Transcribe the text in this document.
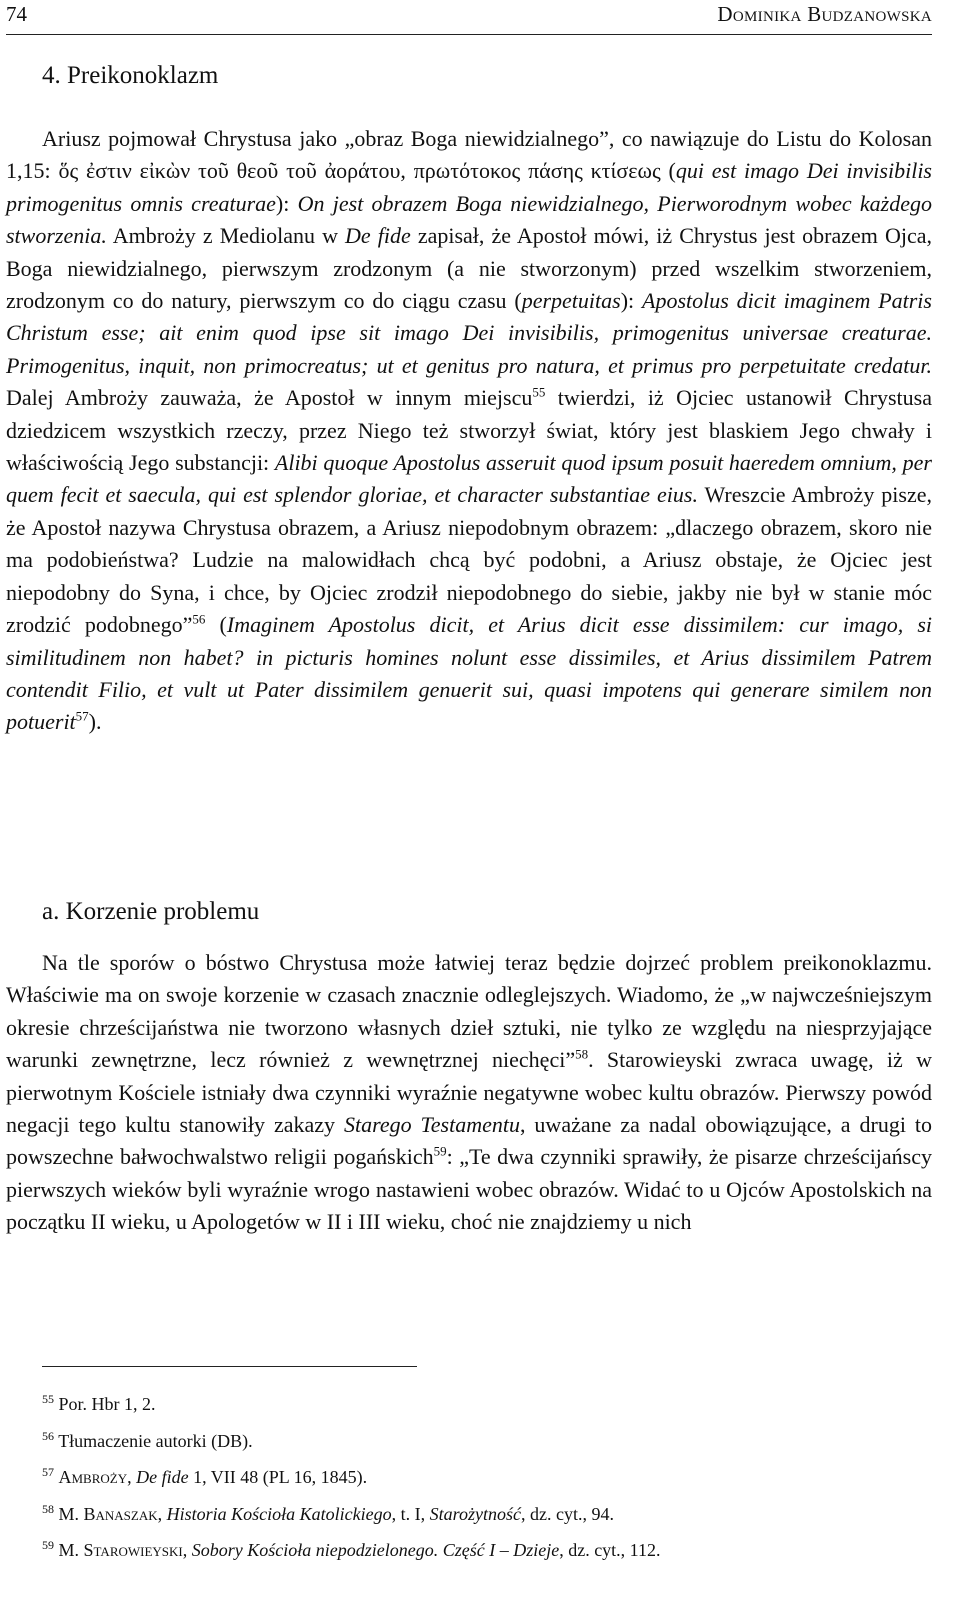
74	Dominika Budzanowska
4. Preikonoklazm
Ariusz pojmował Chrystusa jako „obraz Boga niewidzialnego”, co nawiązuje do Listu do Kolosan 1,15: ὅς ἐστιν εἰκὼν τοῦ θεοῦ τοῦ ἀοράτου, πρωτότοκος πάσης κτίσεως (qui est imago Dei invisibilis primogenitus omnis creaturae): On jest obrazem Boga niewidzialnego, Pierworodnym wobec każdego stworzenia. Ambroży z Mediolanu w De fide zapisał, że Apostoł mówi, iż Chrystus jest obrazem Ojca, Boga niewidzialnego, pierwszym zrodzonym (a nie stworzonym) przed wszelkim stworzeniem, zrodzonym co do natury, pierwszym co do ciągu czasu (perpetuitas): Apostolus dicit imaginem Patris Christum esse; ait enim quod ipse sit imago Dei invisibilis, primogenitus universae creaturae. Primogenitus, inquit, non primocreatus; ut et genitus pro natura, et primus pro perpetuitate credatur. Dalej Ambroży zauważa, że Apostoł w innym miejscu$^{55}$ twierdzi, iż Ojciec ustanowił Chrystusa dziedzicem wszystkich rzeczy, przez Niego też stworzył świat, który jest blaskiem Jego chwały i właściwością Jego substancji: Alibi quoque Apostolus asseruit quod ipsum posuit haeredem omnium, per quem fecit et saecula, qui est splendor gloriae, et character substantiae eius. Wreszcie Ambroży pisze, że Apostoł nazywa Chrystusa obrazem, a Ariusz niepodobnym obrazem: „dlaczego obrazem, skoro nie ma podobieństwa? Ludzie na malowidłach chcą być podobni, a Ariusz obstaje, że Ojciec jest niepodobny do Syna, i chce, by Ojciec zrodził niepodobnego do siebie, jakby nie był w stanie móc zrodzić podobnego”$^{56}$ (Imaginem Apostolus dicit, et Arius dicit esse dissimilem: cur imago, si similitudinem non habet? in picturis homines nolunt esse dissimiles, et Arius dissimilem Patrem contendit Filio, et vult ut Pater dissimilem genuerit sui, quasi impotens qui generare similem non potuerit$^{57}$).
a. Korzenie problemu
Na tle sporów o bóstwo Chrystusa może łatwiej teraz będzie dojrzeć problem preikonoklazmu. Właściwie ma on swoje korzenie w czasach znacznie odleglejszych. Wiadomo, że „w najwcześniejszym okresie chrześcijaństwa nie tworzono własnych dzieł sztuki, nie tylko ze względu na niesprzyjające warunki zewnętrzne, lecz również z wewnętrznej niechęci”$^{58}$. Starowieyski zwraca uwagę, iż w pierwotnym Kościele istniały dwa czynniki wyraźnie negatywne wobec kultu obrazów. Pierwszy powód negacji tego kultu stanowiły zakazy Starego Testamentu, uważane za nadal obowiązujące, a drugi to powszechne bałwochwalstwo religii pogańskich$^{59}$: „Te dwa czynniki sprawiły, że pisarze chrześcijańscy pierwszych wieków byli wyraźnie wrogo nastawieni wobec obrazów. Widać to u Ojców Apostolskich na początku II wieku, u Apologetów w II i III wieku, choć nie znajdziemy u nich
$^{55}$ Por. Hbr 1, 2.
$^{56}$ Tłumaczenie autorki (DB).
$^{57}$ Ambroży, De fide 1, VII 48 (PL 16, 1845).
$^{58}$ M. Banaszak, Historia Kościoła Katolickiego, t. I, Starożytność, dz. cyt., 94.
$^{59}$ M. Starowieyski, Sobory Kościoła niepodzielonego. Część I – Dzieje, dz. cyt., 112.
